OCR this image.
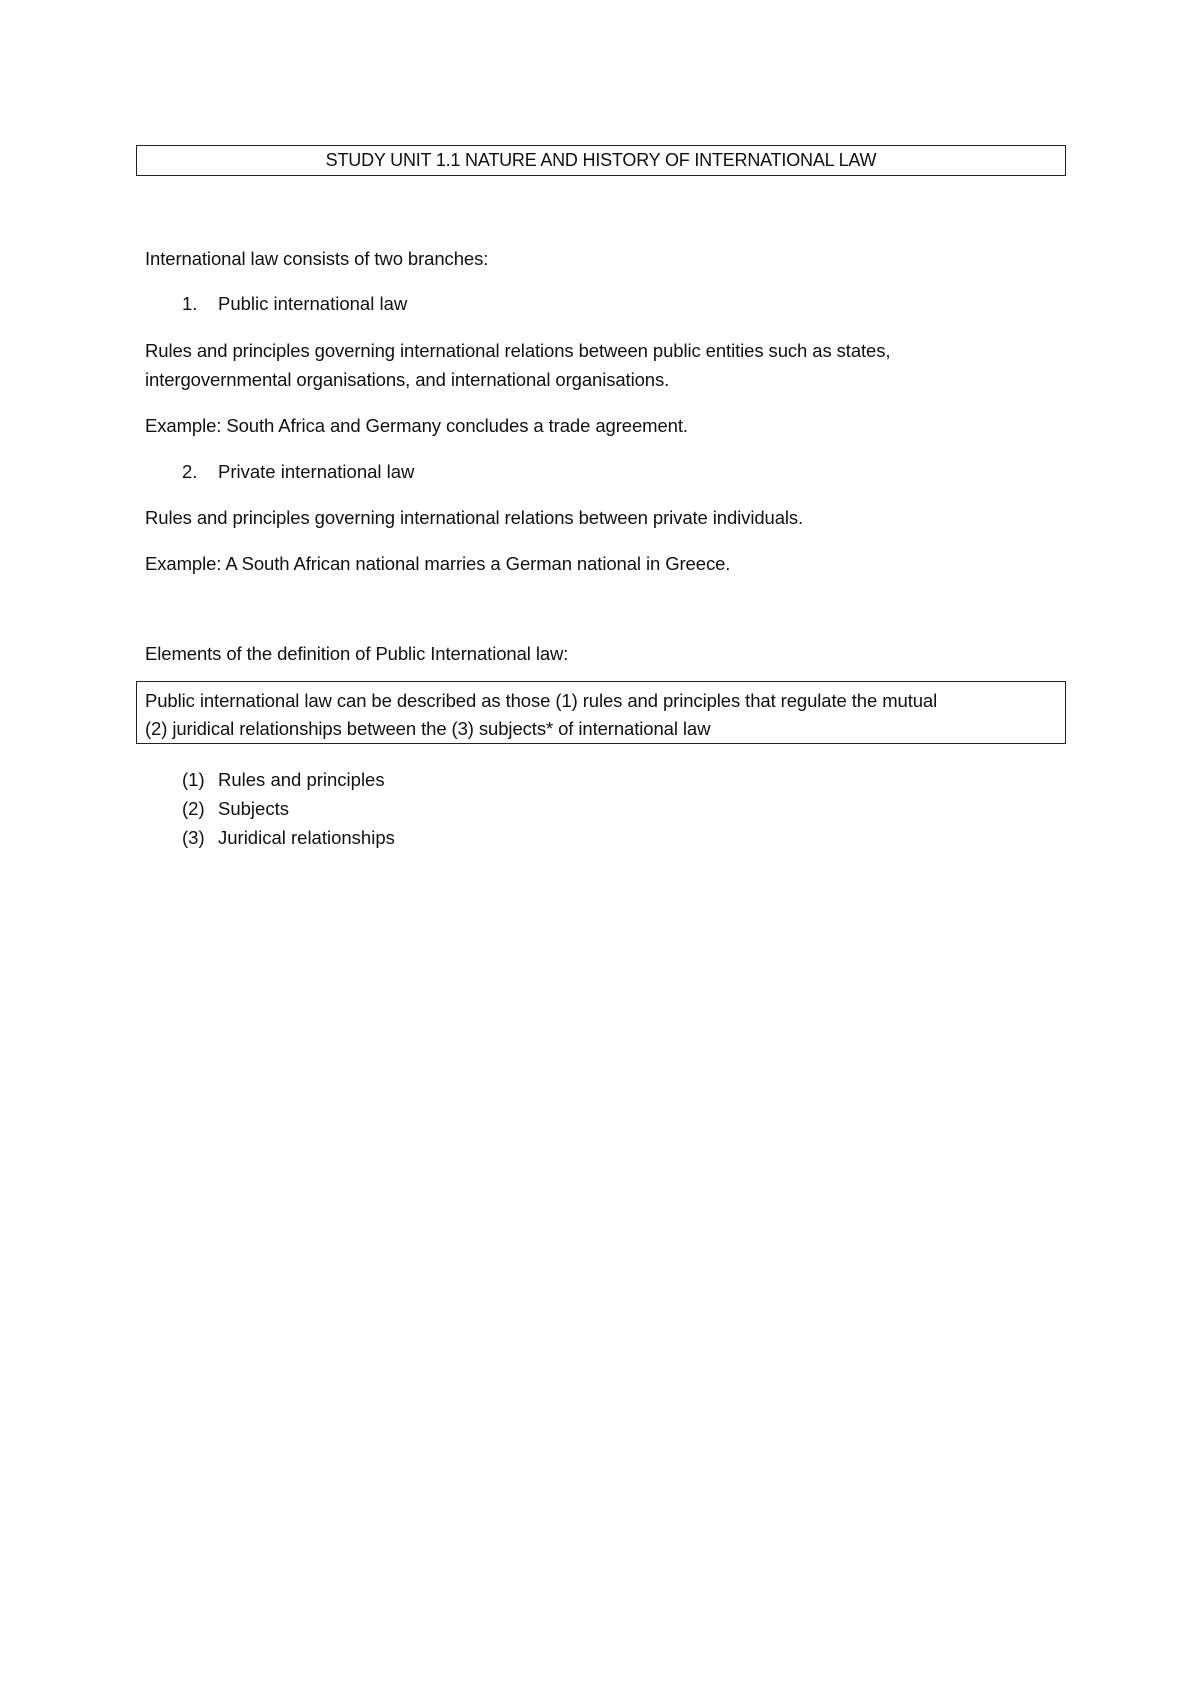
STUDY UNIT 1.1 NATURE AND HISTORY OF INTERNATIONAL LAW
International law consists of two branches:
1. Public international law
Rules and principles governing international relations between public entities such as states,
intergovernmental organisations, and international organisations.
Example: South Africa and Germany concludes a trade agreement.
2. Private international law
Rules and principles governing international relations between private individuals.
Example: A South African national marries a German national in Greece.
Elements of the definition of Public International law:
Public international law can be described as those (1) rules and principles that regulate the mutual
(2) juridical relationships between the (3) subjects* of international law
(1) Rules and principles
(2) Subjects
(3) Juridical relationships
